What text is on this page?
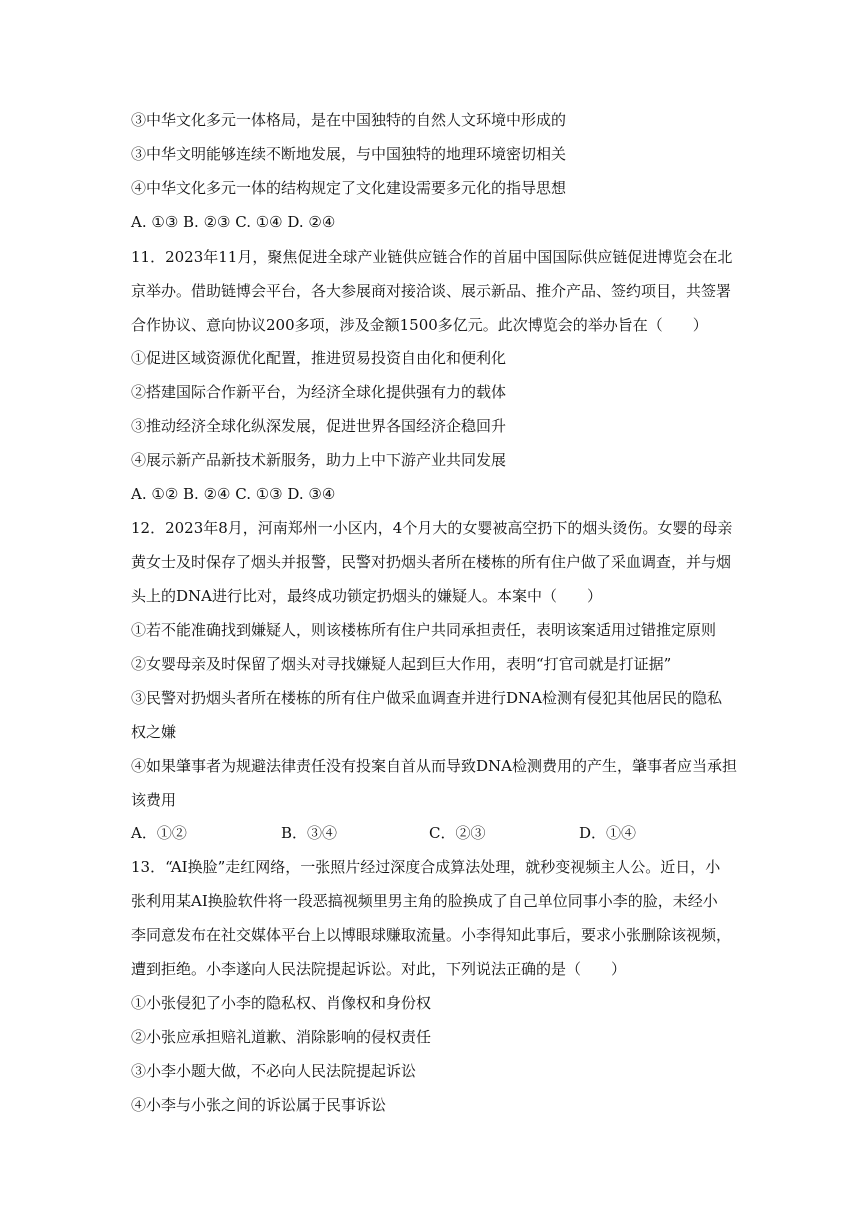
③中华文化多元一体格局，是在中国独特的自然人文环境中形成的
③中华文明能够连续不断地发展，与中国独特的地理环境密切相关
④中华文化多元一体的结构规定了文化建设需要多元化的指导思想
A. ①③ B. ②③ C. ①④ D. ②④
11．2023年11月，聚焦促进全球产业链供应链合作的首届中国国际供应链促进博览会在北
京举办。借助链博会平台，各大参展商对接洽谈、展示新品、推介产品、签约项目，共签署
合作协议、意向协议200多项，涉及金额1500多亿元。此次博览会的举办旨在（　　）
①促进区域资源优化配置，推进贸易投资自由化和便利化
②搭建国际合作新平台，为经济全球化提供强有力的载体
③推动经济全球化纵深发展，促进世界各国经济企稳回升
④展示新产品新技术新服务，助力上中下游产业共同发展
A. ①② B. ②④ C. ①③ D. ③④
12．2023年8月，河南郑州一小区内，4个月大的女婴被高空扔下的烟头烫伤。女婴的母亲
黄女士及时保存了烟头并报警，民警对扔烟头者所在楼栋的所有住户做了采血调查，并与烟
头上的DNA进行比对，最终成功锁定扔烟头的嫌疑人。本案中（　　）
①若不能准确找到嫌疑人，则该楼栋所有住户共同承担责任，表明该案适用过错推定原则
②女婴母亲及时保留了烟头对寻找嫌疑人起到巨大作用，表明“打官司就是打证据”
③民警对扔烟头者所在楼栋的所有住户做采血调查并进行DNA检测有侵犯其他居民的隐私
权之嫌
④如果肇事者为规避法律责任没有投案自首从而导致DNA检测费用的产生，肇事者应当承担
该费用
A．①②	B．③④	C．②③	D．①④
13．“AI换脸”走红网络，一张照片经过深度合成算法处理，就秒变视频主人公。近日，小
张利用某AI换脸软件将一段恶搞视频里男主角的脸换成了自己单位同事小李的脸，未经小
李同意发布在社交媒体平台上以博眼球赚取流量。小李得知此事后，要求小张删除该视频，
遭到拒绝。小李遂向人民法院提起诉讼。对此，下列说法正确的是（　　）
①小张侵犯了小李的隐私权、肖像权和身份权
②小张应承担赔礼道歉、消除影响的侵权责任
③小李小题大做，不必向人民法院提起诉讼
④小李与小张之间的诉讼属于民事诉讼
